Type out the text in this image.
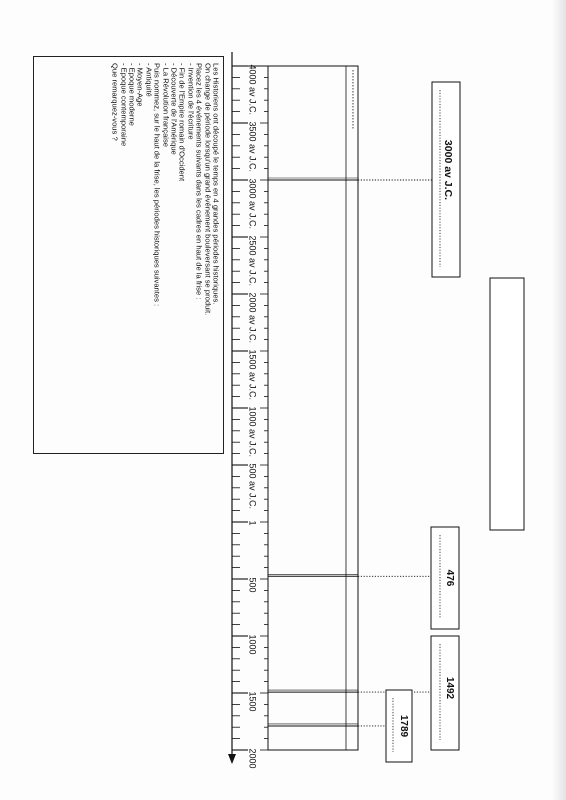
Les Historiens ont découpé le temps en 4 grandes périodes historiques.
On change de période lorsqu'un grand événement bouleversant se produit.
Placez les 4 événements suivants dans les cadres en haut de la frise :
- Invention de l'écriture
- Fin de l'Empire romain d'Occident
- Découverte de l'Amérique
- La Révolution française
Puis nommez, sur le haut de la frise, les périodes historiques suivantes :
- Antiquité
- Moyen-Age
- Epoque moderne
- Epoque contemporaine
Que remarquez-vous ?	4000 av J.C.
3500 av J.C.
3000 av J.C.
2500 av J.C.
2000 av J.C.
1500 av J.C.
1000 av J.C.
500 av J.C.
1
500
1000
1500
2000
3000 av J.C.
476
1492
1789
